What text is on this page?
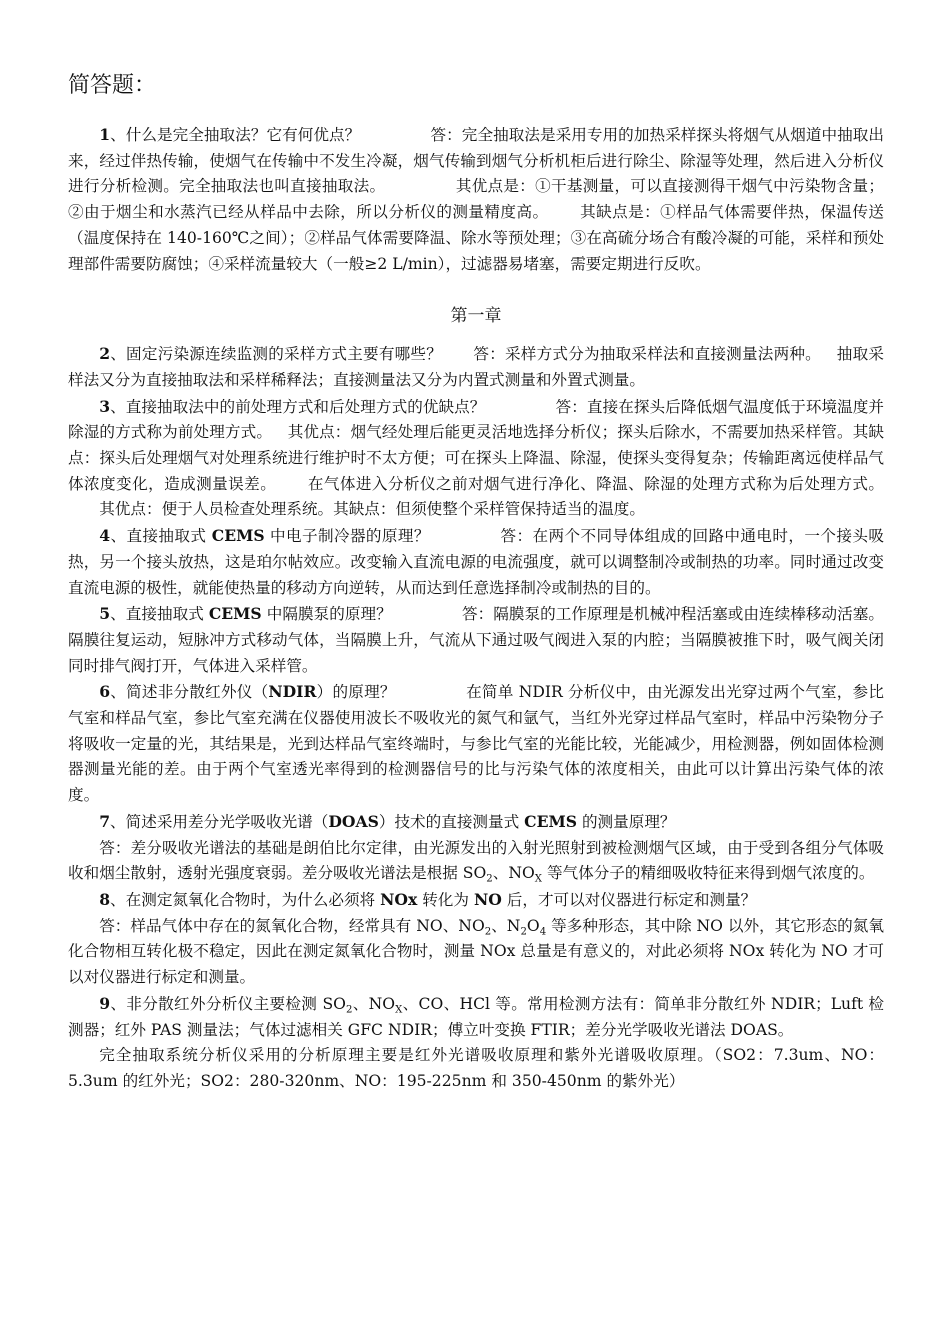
简答题：

1、什么是完全抽取法？它有何优点？	答：完全抽取法是采用专用的加热采样探头将烟气从烟道中抽取出来，经过伴热传输，使烟气在传输中不发生冷凝，烟气传输到烟气分析机柜后进行除尘、除湿等处理，然后进入分析仪进行分析检测。完全抽取法也叫直接抽取法。	其优点是：①干基测量，可以直接测得干烟气中污染物含量；②由于烟尘和水蒸汽已经从样品中去除，所以分析仪的测量精度高。 其缺点是：①样品气体需要伴热，保温传送（温度保持在 140-160℃之间）；②样品气体需要降温、除水等预处理；③在高硫分场合有酸冷凝的可能，采样和预处理部件需要防腐蚀；④采样流量较大（一般≥2 L/min），过滤器易堵塞，需要定期进行反吹。

第一章

2、固定污染源连续监测的采样方式主要有哪些？ 答：采样方式分为抽取采样法和直接测量法两种。 抽取采样法又分为直接抽取法和采样稀释法；直接测量法又分为内置式测量和外置式测量。

3、直接抽取法中的前处理方式和后处理方式的优缺点？	答：直接在探头后降低烟气温度低于环境温度并除湿的方式称为前处理方式。 其优点：烟气经处理后能更灵活地选择分析仪；探头后除水，不需要加热采样管。其缺点：探头后处理烟气对处理系统进行维护时不太方便；可在探头上降温、除湿，使探头变得复杂；传输距离远使样品气体浓度变化，造成测量误差。 在气体进入分析仪之前对烟气进行净化、降温、除湿的处理方式称为后处理方式。其优点：便于人员检查处理系统。其缺点：但须使整个采样管保持适当的温度。

4、直接抽取式 CEMS 中电子制冷器的原理？	答：在两个不同导体组成的回路中通电时，一个接头吸热，另一个接头放热，这是珀尔帖效应。改变输入直流电源的电流强度，就可以调整制冷或制热的功率。同时通过改变直流电源的极性，就能使热量的移动方向逆转，从而达到任意选择制冷或制热的目的。

5、直接抽取式 CEMS 中隔膜泵的原理？	答：隔膜泵的工作原理是机械冲程活塞或由连续棒移动活塞。隔膜往复运动，短脉冲方式移动气体，当隔膜上升，气流从下通过吸气阀进入泵的内腔；当隔膜被推下时，吸气阀关闭同时排气阀打开，气体进入采样管。

6、简述非分散红外仪（NDIR）的原理？	在简单 NDIR 分析仪中，由光源发出光穿过两个气室，参比气室和样品气室，参比气室充满在仪器使用波长不吸收光的氮气和氩气，当红外光穿过样品气室时，样品中污染物分子将吸收一定量的光，其结果是，光到达样品气室终端时，与参比气室的光能比较，光能减少，用检测器，例如固体检测器测量光能的差。由于两个气室透光率得到的检测器信号的比与污染气体的浓度相关，由此可以计算出污染气体的浓度。

7、简述采用差分光学吸收光谱（DOAS）技术的直接测量式 CEMS 的测量原理？

答：差分吸收光谱法的基础是朗伯比尔定律，由光源发出的入射光照射到被检测烟气区域，由于受到各组分气体吸收和烟尘散射，透射光强度衰弱。差分吸收光谱法是根据 $SO_2$、$NO_X$ 等气体分子的精细吸收特征来得到烟气浓度的。

8、在测定氮氧化合物时，为什么必须将 NOx 转化为 NO 后，才可以对仪器进行标定和测量？

答：样品气体中存在的氮氧化合物，经常具有 NO、$NO_2$、$N_2O_4$ 等多种形态，其中除 NO 以外，其它形态的氮氧化合物相互转化极不稳定，因此在测定氮氧化合物时，测量 NOx 总量是有意义的，对此必须将 NOx 转化为 NO 才可以对仪器进行标定和测量。

9、非分散红外分析仪主要检测 $SO_2$、$NO_X$、CO、HCl 等。常用检测方法有：简单非分散红外 NDIR；Luft 检测器；红外 PAS 测量法；气体过滤相关 GFC NDIR；傅立叶变换 FTIR；差分光学吸收光谱法 DOAS。

完全抽取系统分析仪采用的分析原理主要是红外光谱吸收原理和紫外光谱吸收原理。（SO2：7.3um、NO：5.3um 的红外光；SO2：280-320nm、NO：195-225nm 和 350-450nm 的紫外光）
